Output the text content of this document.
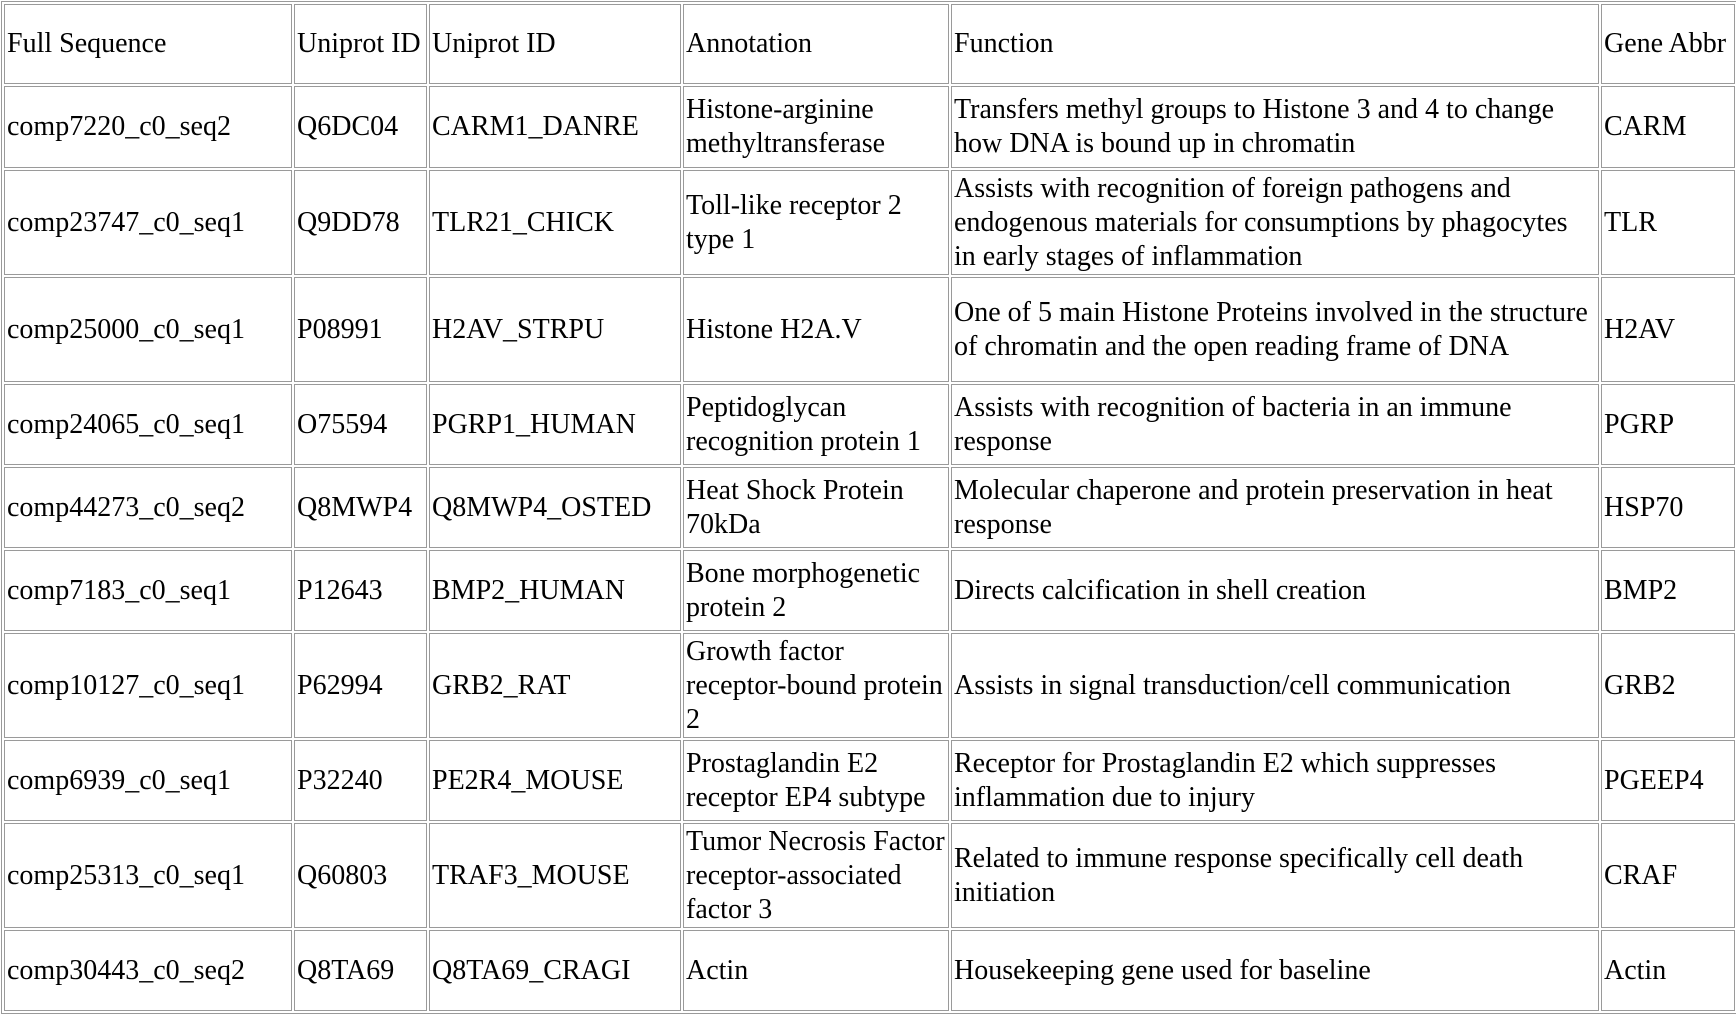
Full Sequence	Uniprot ID	Uniprot ID	Annotation	Function	Gene Abbr
comp7220_c0_seq2	Q6DC04	CARM1_DANRE	Histone-arginine methyltransferase	Transfers methyl groups to Histone 3 and 4 to change how DNA is bound up in chromatin	CARM
comp23747_c0_seq1	Q9DD78	TLR21_CHICK	Toll-like receptor 2 type 1	Assists with recognition of foreign pathogens and endogenous materials for consumptions by phagocytes in early stages of inflammation	TLR
comp25000_c0_seq1	P08991	H2AV_STRPU	Histone H2A.V	One of 5 main Histone Proteins involved in the structure of chromatin and the open reading frame of DNA	H2AV
comp24065_c0_seq1	O75594	PGRP1_HUMAN	Peptidoglycan recognition protein 1	Assists with recognition of bacteria in an immune response	PGRP
comp44273_c0_seq2	Q8MWP4	Q8MWP4_OSTED	Heat Shock Protein 70kDa	Molecular chaperone and protein preservation in heat response	HSP70
comp7183_c0_seq1	P12643	BMP2_HUMAN	Bone morphogenetic protein 2	Directs calcification in shell creation	BMP2
comp10127_c0_seq1	P62994	GRB2_RAT	Growth factor receptor-bound protein 2	Assists in signal transduction/cell communication	GRB2
comp6939_c0_seq1	P32240	PE2R4_MOUSE	Prostaglandin E2 receptor EP4 subtype	Receptor for Prostaglandin E2 which suppresses inflammation due to injury	PGEEP4
comp25313_c0_seq1	Q60803	TRAF3_MOUSE	Tumor Necrosis Factor receptor-associated factor 3	Related to immune response specifically cell death initiation	CRAF
comp30443_c0_seq2	Q8TA69	Q8TA69_CRAGI	Actin	Housekeeping gene used for baseline	Actin
